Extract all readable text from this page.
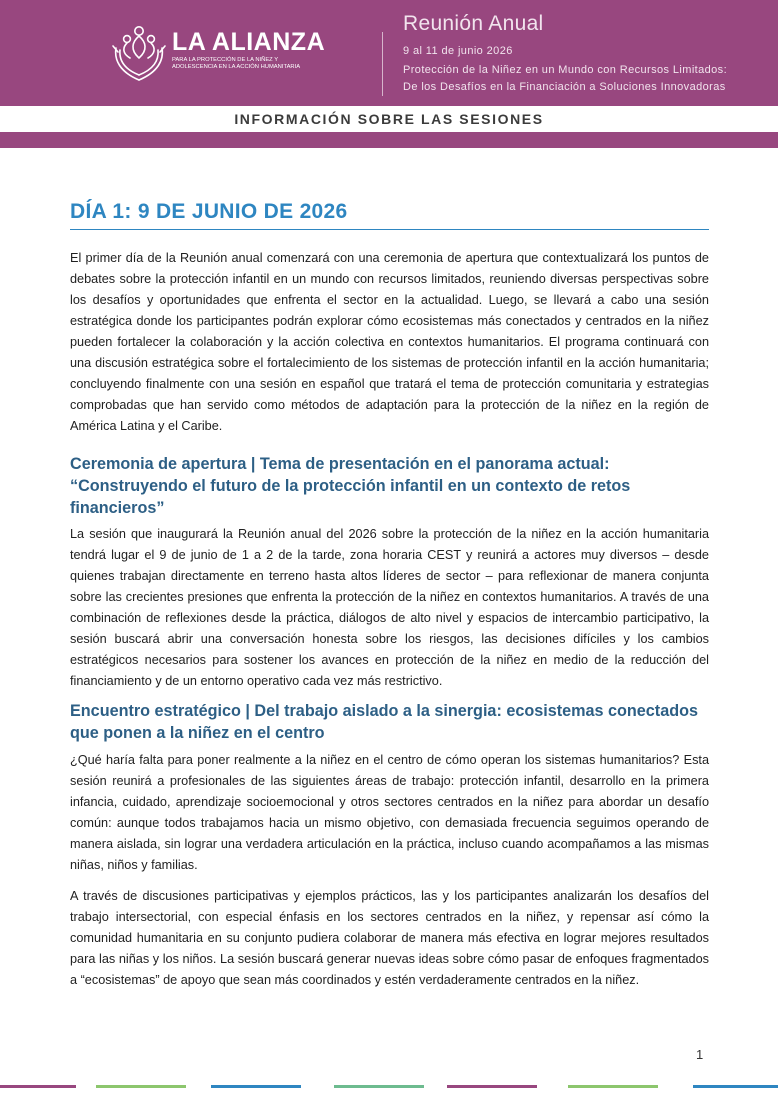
LA ALIANZA
PARA LA PROTECCIÓN DE LA NIÑEZ Y
ADOLESCENCIA EN LA ACCIÓN HUMANITARIA
Reunión Anual
9 al 11 de junio 2026
Protección de la Niñez en un Mundo con Recursos Limitados:
De los Desafíos en la Financiación a Soluciones Innovadoras
INFORMACIÓN SOBRE LAS SESIONES
DÍA 1: 9 DE JUNIO DE 2026

El primer día de la Reunión anual comenzará con una ceremonia de apertura que contextualizará los puntos de debates sobre la protección infantil en un mundo con recursos limitados, reuniendo diversas perspectivas sobre los desafíos y oportunidades que enfrenta el sector en la actualidad. Luego, se llevará a cabo una sesión estratégica donde los participantes podrán explorar cómo ecosistemas más conectados y centrados en la niñez pueden fortalecer la colaboración y la acción colectiva en contextos humanitarios. El programa continuará con una discusión estratégica sobre el fortalecimiento de los sistemas de protección infantil en la acción humanitaria; concluyendo finalmente con una sesión en español que tratará el tema de protección comunitaria y estrategias comprobadas que han servido como métodos de adaptación para la protección de la niñez en la región de América Latina y el Caribe.

Ceremonia de apertura | Tema de presentación en el panorama actual: “Construyendo el futuro de la protección infantil en un contexto de retos financieros”

La sesión que inaugurará la Reunión anual del 2026 sobre la protección de la niñez en la acción humanitaria tendrá lugar el 9 de junio de 1 a 2 de la tarde, zona horaria CEST y reunirá a actores muy diversos – desde quienes trabajan directamente en terreno hasta altos líderes de sector – para reflexionar de manera conjunta sobre las crecientes presiones que enfrenta la protección de la niñez en contextos humanitarios. A través de una combinación de reflexiones desde la práctica, diálogos de alto nivel y espacios de intercambio participativo, la sesión buscará abrir una conversación honesta sobre los riesgos, las decisiones difíciles y los cambios estratégicos necesarios para sostener los avances en protección de la niñez en medio de la reducción del financiamiento y de un entorno operativo cada vez más restrictivo.

Encuentro estratégico | Del trabajo aislado a la sinergia: ecosistemas conectados que ponen a la niñez en el centro

¿Qué haría falta para poner realmente a la niñez en el centro de cómo operan los sistemas humanitarios? Esta sesión reunirá a profesionales de las siguientes áreas de trabajo: protección infantil, desarrollo en la primera infancia, cuidado, aprendizaje socioemocional y otros sectores centrados en la niñez para abordar un desafío común: aunque todos trabajamos hacia un mismo objetivo, con demasiada frecuencia seguimos operando de manera aislada, sin lograr una verdadera articulación en la práctica, incluso cuando acompañamos a las mismas niñas, niños y familias.

A través de discusiones participativas y ejemplos prácticos, las y los participantes analizarán los desafíos del trabajo intersectorial, con especial énfasis en los sectores centrados en la niñez, y repensar así cómo la comunidad humanitaria en su conjunto pudiera colaborar de manera más efectiva en lograr mejores resultados para las niñas y los niños. La sesión buscará generar nuevas ideas sobre cómo pasar de enfoques fragmentados a “ecosistemas” de apoyo que sean más coordinados y estén verdaderamente centrados en la niñez.

1
